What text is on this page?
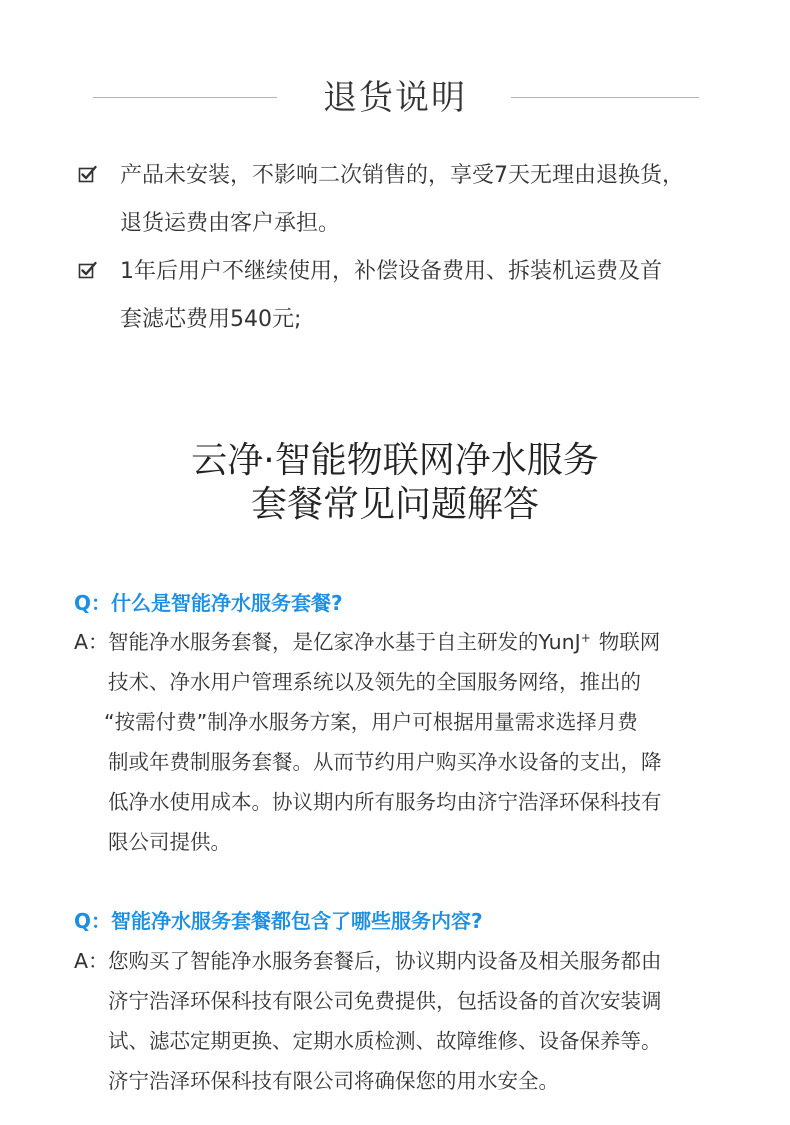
退货说明
产品未安装，不影响二次销售的，享受7天无理由退换货，
退货运费由客户承担。
1年后用户不继续使用，补偿设备费用、拆装机运费及首
套滤芯费用540元;
云净·智能物联网净水服务
套餐常见问题解答
Q：什么是智能净水服务套餐?
A： 智能净水服务套餐，是亿家净水基于自主研发的YunJ+ 物联网
技术、净水用户管理系统以及领先的全国服务网络，推出的
“按需付费”制净水服务方案，用户可根据用量需求选择月费
制或年费制服务套餐。从而节约用户购买净水设备的支出，降
低净水使用成本。协议期内所有服务均由济宁浩泽环保科技有
限公司提供。
Q：智能净水服务套餐都包含了哪些服务内容?
A： 您购买了智能净水服务套餐后，协议期内设备及相关服务都由
济宁浩泽环保科技有限公司免费提供，包括设备的首次安装调
试、滤芯定期更换、定期水质检测、故障维修、设备保养等。
济宁浩泽环保科技有限公司将确保您的用水安全。
